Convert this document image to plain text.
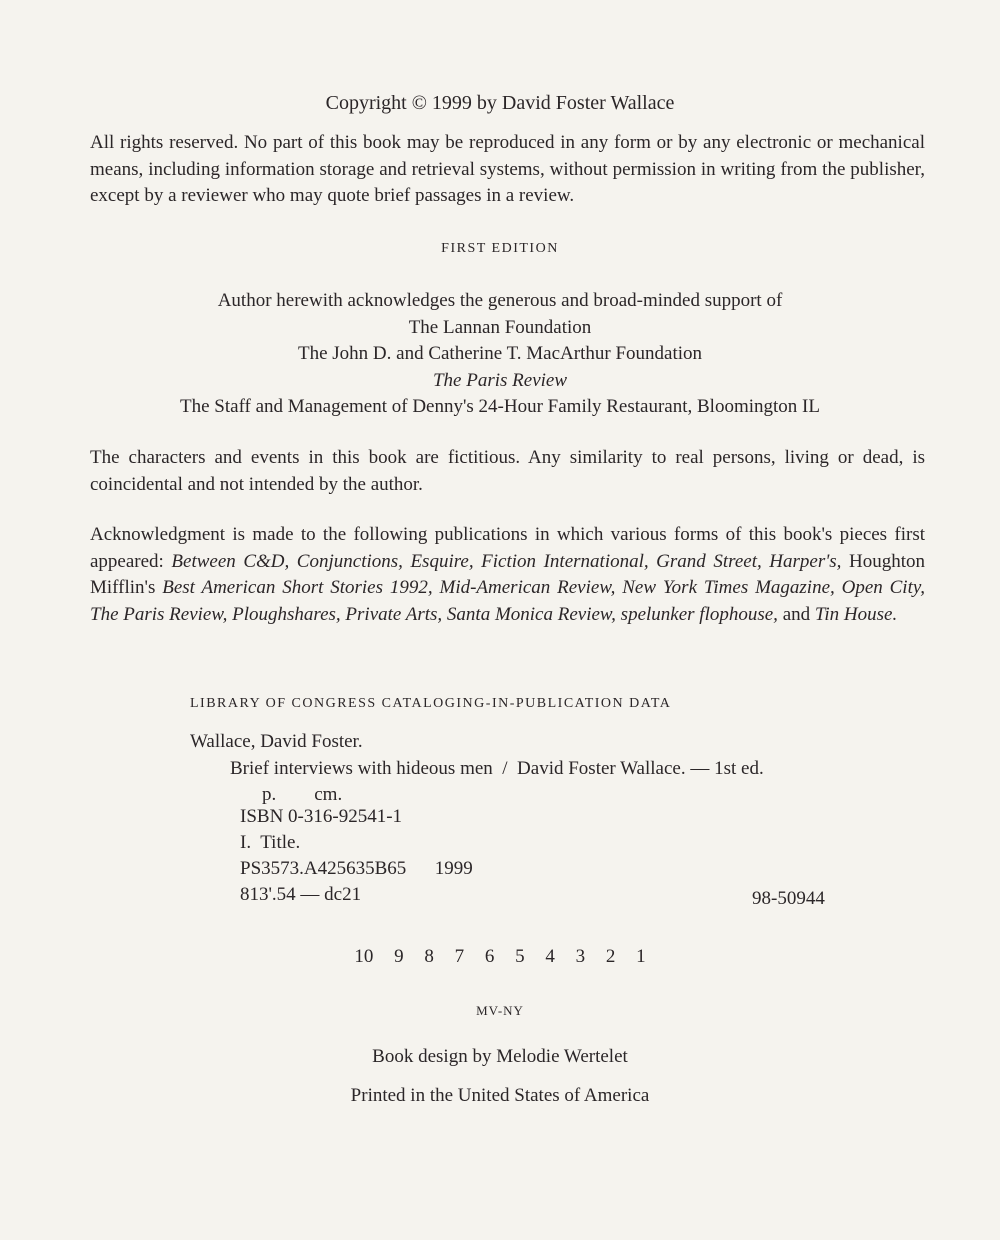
Copyright © 1999 by David Foster Wallace
All rights reserved. No part of this book may be reproduced in any form or by any electronic or mechanical means, including information storage and retrieval systems, without permission in writing from the publisher, except by a reviewer who may quote brief passages in a review.
FIRST EDITION
Author herewith acknowledges the generous and broad-minded support of
The Lannan Foundation
The John D. and Catherine T. MacArthur Foundation
The Paris Review
The Staff and Management of Denny's 24-Hour Family Restaurant, Bloomington IL
The characters and events in this book are fictitious. Any similarity to real persons, living or dead, is coincidental and not intended by the author.
Acknowledgment is made to the following publications in which various forms of this book's pieces first appeared: Between C&D, Conjunctions, Esquire, Fiction International, Grand Street, Harper's, Houghton Mifflin's Best American Short Stories 1992, Mid-American Review, New York Times Magazine, Open City, The Paris Review, Ploughshares, Private Arts, Santa Monica Review, spelunker flophouse, and Tin House.
LIBRARY OF CONGRESS CATALOGING-IN-PUBLICATION DATA
Wallace, David Foster.
Brief interviews with hideous men  /  David Foster Wallace. — 1st ed.
p.        cm.
ISBN 0-316-92541-1
I.  Title.
PS3573.A425635B65      1999
813'.54 — dc21	98-50944
10 9 8 7 6 5 4 3 2 1
MV-NY
Book design by Melodie Wertelet
Printed in the United States of America
